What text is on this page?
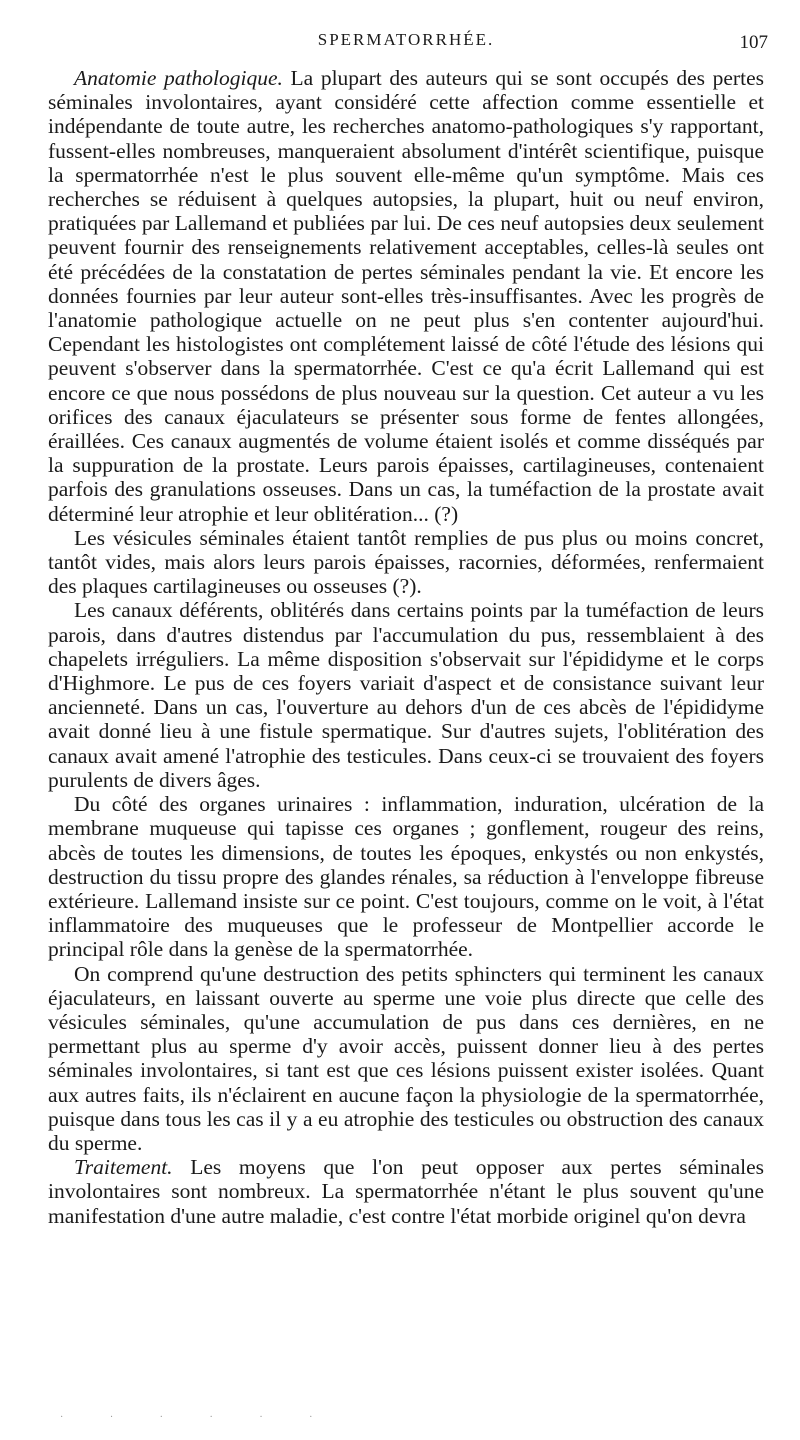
SPERMATORRHÉE.	107

Anatomie pathologique. La plupart des auteurs qui se sont occupés des pertes séminales involontaires, ayant considéré cette affection comme essentielle et indépendante de toute autre, les recherches anatomo-pathologiques s'y rapportant, fussent-elles nombreuses, manqueraient absolument d'intérêt scientifique, puisque la spermatorrhée n'est le plus souvent elle-même qu'un symptôme. Mais ces recherches se réduisent à quelques autopsies, la plupart, huit ou neuf environ, pratiquées par Lallemand et publiées par lui. De ces neuf autopsies deux seulement peuvent fournir des renseignements relativement acceptables, celles-là seules ont été précédées de la constatation de pertes séminales pendant la vie. Et encore les données fournies par leur auteur sont-elles très-insuffisantes. Avec les progrès de l'anatomie pathologique actuelle on ne peut plus s'en contenter aujourd'hui. Cependant les histologistes ont complétement laissé de côté l'étude des lésions qui peuvent s'observer dans la spermatorrhée. C'est ce qu'a écrit Lallemand qui est encore ce que nous possédons de plus nouveau sur la question. Cet auteur a vu les orifices des canaux éjaculateurs se présenter sous forme de fentes allongées, éraillées. Ces canaux augmentés de volume étaient isolés et comme disséqués par la suppuration de la prostate. Leurs parois épaisses, cartilagineuses, contenaient parfois des granulations osseuses. Dans un cas, la tuméfaction de la prostate avait déterminé leur atrophie et leur oblitération... (?)

Les vésicules séminales étaient tantôt remplies de pus plus ou moins concret, tantôt vides, mais alors leurs parois épaisses, racornies, déformées, renfermaient des plaques cartilagineuses ou osseuses (?).

Les canaux déférents, oblitérés dans certains points par la tuméfaction de leurs parois, dans d'autres distendus par l'accumulation du pus, ressemblaient à des chapelets irréguliers. La même disposition s'observait sur l'épididyme et le corps d'Highmore. Le pus de ces foyers variait d'aspect et de consistance suivant leur ancienneté. Dans un cas, l'ouverture au dehors d'un de ces abcès de l'épididyme avait donné lieu à une fistule spermatique. Sur d'autres sujets, l'oblitération des canaux avait amené l'atrophie des testicules. Dans ceux-ci se trouvaient des foyers purulents de divers âges.

Du côté des organes urinaires : inflammation, induration, ulcération de la membrane muqueuse qui tapisse ces organes ; gonflement, rougeur des reins, abcès de toutes les dimensions, de toutes les époques, enkystés ou non enkystés, destruction du tissu propre des glandes rénales, sa réduction à l'enveloppe fibreuse extérieure. Lallemand insiste sur ce point. C'est toujours, comme on le voit, à l'état inflammatoire des muqueuses que le professeur de Montpellier accorde le principal rôle dans la genèse de la spermatorrhée.

On comprend qu'une destruction des petits sphincters qui terminent les canaux éjaculateurs, en laissant ouverte au sperme une voie plus directe que celle des vésicules séminales, qu'une accumulation de pus dans ces dernières, en ne permettant plus au sperme d'y avoir accès, puissent donner lieu à des pertes séminales involontaires, si tant est que ces lésions puissent exister isolées. Quant aux autres faits, ils n'éclairent en aucune façon la physiologie de la spermatorrhée, puisque dans tous les cas il y a eu atrophie des testicules ou obstruction des canaux du sperme.

Traitement. Les moyens que l'on peut opposer aux pertes séminales involontaires sont nombreux. La spermatorrhée n'étant le plus souvent qu'une manifestation d'une autre maladie, c'est contre l'état morbide originel qu'on devra

· · · · · ·
